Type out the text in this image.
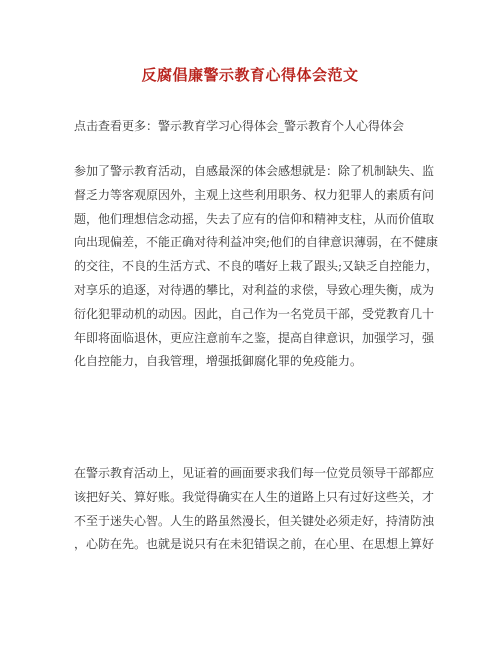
反腐倡廉警示教育心得体会范文
点击查看更多：警示教育学习心得体会_警示教育个人心得体会
参加了警示教育活动，自感最深的体会感想就是：除了机制缺失、监
督乏力等客观原因外，主观上这些利用职务、权力犯罪人的素质有问
题，他们理想信念动摇，失去了应有的信仰和精神支柱，从而价值取
向出现偏差，不能正确对待利益冲突;他们的自律意识薄弱，在不健康
的交往，不良的生活方式、不良的嗜好上栽了跟头;又缺乏自控能力，
对享乐的追逐，对待遇的攀比，对利益的求偿，导致心理失衡，成为
衍化犯罪动机的动因。因此，自己作为一名党员干部，受党教育几十
年即将面临退休，更应注意前车之鉴，提高自律意识，加强学习，强
化自控能力，自我管理，增强抵御腐化罪的免疫能力。
在警示教育活动上，见证着的画面要求我们每一位党员领导干部都应
该把好关、算好账。我觉得确实在人生的道路上只有过好这些关，才
不至于迷失心智。人生的路虽然漫长，但关键处必须走好，持清防浊
，心防在先。也就是说只有在未犯错误之前，在心里、在思想上算好
